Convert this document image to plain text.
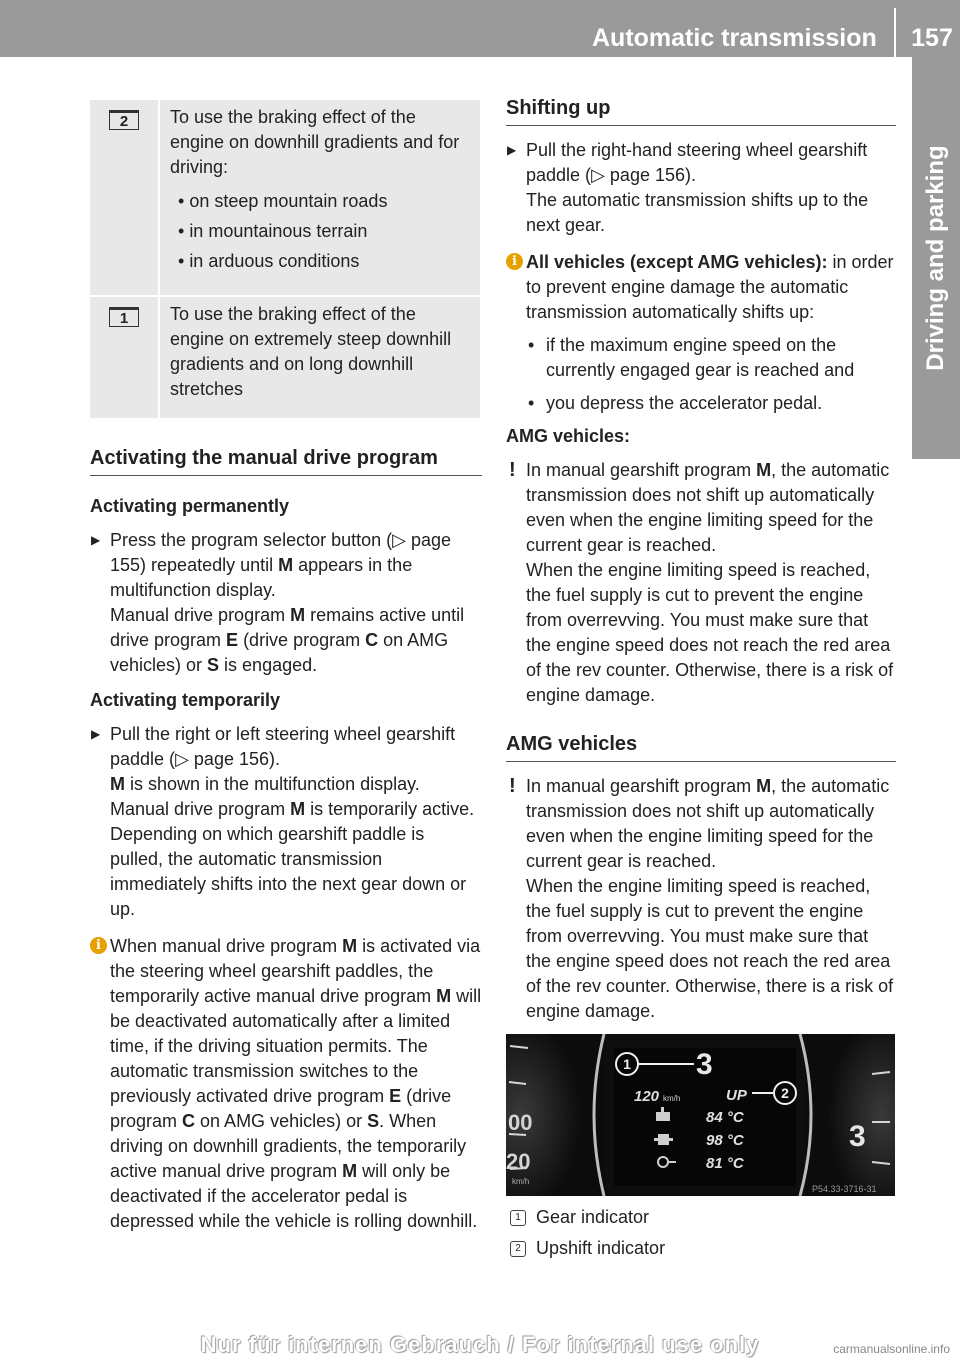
Automatic transmission 157
Driving and parking
2	To use the braking effect of the engine on downhill gradients and for driving:

• on steep mountain roads
• in mountainous terrain
• in arduous conditions
1	To use the braking effect of the engine on extremely steep downhill gradients and on long downhill stretches

Activating the manual drive program
Activating permanently
▶ Press the program selector button (▷ page 155) repeatedly until M appears in the multifunction display.
Manual drive program M remains active until drive program E (drive program C on AMG vehicles) or S is engaged.
Activating temporarily
▶ Pull the right or left steering wheel gearshift paddle (▷ page 156).
M is shown in the multifunction display.
Manual drive program M is temporarily active. Depending on which gearshift paddle is pulled, the automatic transmission immediately shifts into the next gear down or up.
i When manual drive program M is activated via the steering wheel gearshift paddles, the temporarily active manual drive program M will be deactivated automatically after a limited time, if the driving situation permits. The automatic transmission switches to the previously activated drive program E (drive program C on AMG vehicles) or S. When driving on downhill gradients, the temporarily active manual drive program M will only be deactivated if the accelerator pedal is depressed while the vehicle is rolling downhill.
Shifting up
▶ Pull the right-hand steering wheel gearshift paddle (▷ page 156).
The automatic transmission shifts up to the next gear.
i All vehicles (except AMG vehicles): in order to prevent engine damage the automatic transmission automatically shifts up:
• if the maximum engine speed on the currently engaged gear is reached and
• you depress the accelerator pedal.
AMG vehicles:
! In manual gearshift program M, the automatic transmission does not shift up automatically even when the engine limiting speed for the current gear is reached.
When the engine limiting speed is reached, the fuel supply is cut to prevent the engine from overrevving. You must make sure that the engine speed does not reach the red area of the rev counter. Otherwise, there is a risk of engine damage.
AMG vehicles
! In manual gearshift program M, the automatic transmission does not shift up automatically even when the engine limiting speed for the current gear is reached.
When the engine limiting speed is reached, the fuel supply is cut to prevent the engine from overrevving. You must make sure that the engine speed does not reach the red area of the rev counter. Otherwise, there is a risk of engine damage.
1 3
120 km/h	UP 2
84 °C
98 °C
81 °C
3
00
20
km/h
P54.33-3716-31
1 Gear indicator
2 Upshift indicator
Nur für internen Gebrauch / For internal use only	carmanualsonline.info
